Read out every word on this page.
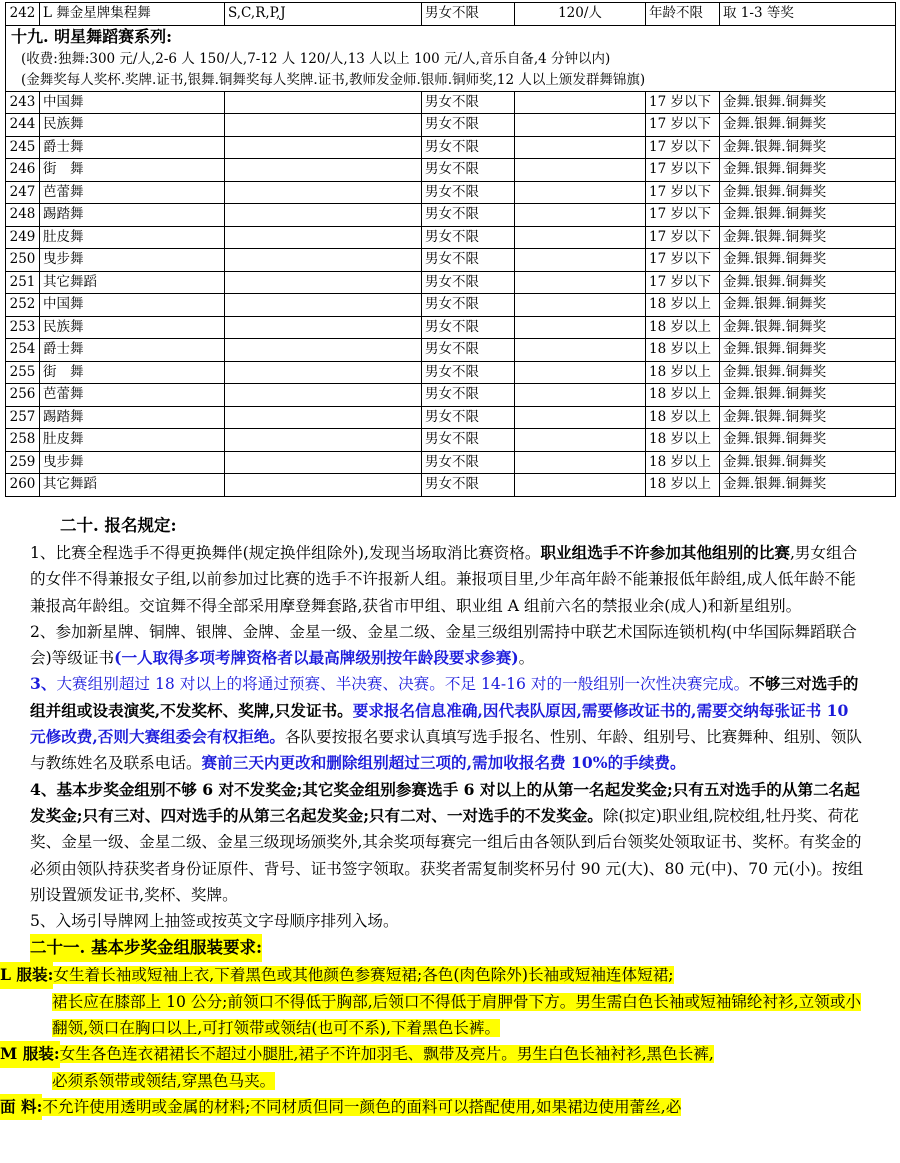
242	L 舞金星牌集程舞	S,C,R,P,J	男女不限	120/人	年龄不限	取 1-3 等奖
十九. 明星舞蹈赛系列:
(收费:独舞:300 元/人,2-6 人 150/人,7-12 人 120/人,13 人以上 100 元/人,音乐自备,4 分钟以内)
(金舞奖每人奖杯.奖牌.证书,银舞.铜舞奖每人奖牌.证书,教师发金师.银师.铜师奖,12 人以上颁发群舞锦旗)						

243	中国舞		男女不限		17 岁以下	金舞.银舞.铜舞奖
244	民族舞		男女不限		17 岁以下	金舞.银舞.铜舞奖
245	爵士舞		男女不限		17 岁以下	金舞.银舞.铜舞奖
246	街　舞		男女不限		17 岁以下	金舞.银舞.铜舞奖
247	芭蕾舞		男女不限		17 岁以下	金舞.银舞.铜舞奖
248	踢踏舞		男女不限		17 岁以下	金舞.银舞.铜舞奖
249	肚皮舞		男女不限		17 岁以下	金舞.银舞.铜舞奖
250	曳步舞		男女不限		17 岁以下	金舞.银舞.铜舞奖
251	其它舞蹈		男女不限		17 岁以下	金舞.银舞.铜舞奖
252	中国舞		男女不限		18 岁以上	金舞.银舞.铜舞奖
253	民族舞		男女不限		18 岁以上	金舞.银舞.铜舞奖
254	爵士舞		男女不限		18 岁以上	金舞.银舞.铜舞奖
255	街　舞		男女不限		18 岁以上	金舞.银舞.铜舞奖
256	芭蕾舞		男女不限		18 岁以上	金舞.银舞.铜舞奖
257	踢踏舞		男女不限		18 岁以上	金舞.银舞.铜舞奖
258	肚皮舞		男女不限		18 岁以上	金舞.银舞.铜舞奖
259	曳步舞		男女不限		18 岁以上	金舞.银舞.铜舞奖
260	其它舞蹈		男女不限		18 岁以上	金舞.银舞.铜舞奖
二十. 报名规定:

1、比赛全程选手不得更换舞伴(规定换伴组除外),发现当场取消比赛资格。职业组选手不许参加其他组别的比赛,男女组合的女伴不得兼报女子组,以前参加过比赛的选手不许报新人组。兼报项目里,少年高年龄不能兼报低年龄组,成人低年龄不能兼报高年龄组。交谊舞不得全部采用摩登舞套路,获省市甲组、职业组 A 组前六名的禁报业余(成人)和新星组别。

2、参加新星牌、铜牌、银牌、金牌、金星一级、金星二级、金星三级组别需持中联艺术国际连锁机构(中华国际舞蹈联合会)等级证书(一人取得多项考牌资格者以最高牌级别按年龄段要求参赛)。

3、大赛组别超过 18 对以上的将通过预赛、半决赛、决赛。不足 14-16 对的一般组别一次性决赛完成。不够三对选手的组并组或设表演奖,不发奖杯、奖牌,只发证书。要求报名信息准确,因代表队原因,需要修改证书的,需要交纳每张证书 10 元修改费,否则大赛组委会有权拒绝。各队要按报名要求认真填写选手报名、性别、年龄、组别号、比赛舞种、组别、领队与教练姓名及联系电话。赛前三天内更改和删除组别超过三项的,需加收报名费 10%的手续费。

4、基本步奖金组别不够 6 对不发奖金;其它奖金组别参赛选手 6 对以上的从第一名起发奖金;只有五对选手的从第二名起发奖金;只有三对、四对选手的从第三名起发奖金;只有二对、一对选手的不发奖金。除(拟定)职业组,院校组,牡丹奖、荷花奖、金星一级、金星二级、金星三级现场颁奖外,其余奖项每赛完一组后由各领队到后台领奖处领取证书、奖杯。有奖金的必须由领队持获奖者身份证原件、背号、证书签字领取。获奖者需复制奖杯另付 90 元(大)、80 元(中)、70 元(小)。按组别设置颁发证书,奖杯、奖牌。

5、入场引导牌网上抽签或按英文字母顺序排列入场。

二十一. 基本步奖金组服装要求:
L 服装: 女生着长袖或短袖上衣,下着黑色或其他颜色参赛短裙;各色(肉色除外)长袖或短袖连体短裙;
裙长应在膝部上 10 公分;前领口不得低于胸部,后领口不得低于肩胛骨下方。男生需白色长袖或短袖锦纶衬衫,立领或小翻领,领口在胸口以上,可打领带或领结(也可不系),下着黑色长裤。
M 服装: 女生各色连衣裙裙长不超过小腿肚,裙子不许加羽毛、飘带及亮片。男生白色长袖衬衫,黑色长裤,
必须系领带或领结,穿黑色马夹。
面 料: 不允许使用透明或金属的材料;不同材质但同一颜色的面料可以搭配使用,如果裙边使用蕾丝,必
